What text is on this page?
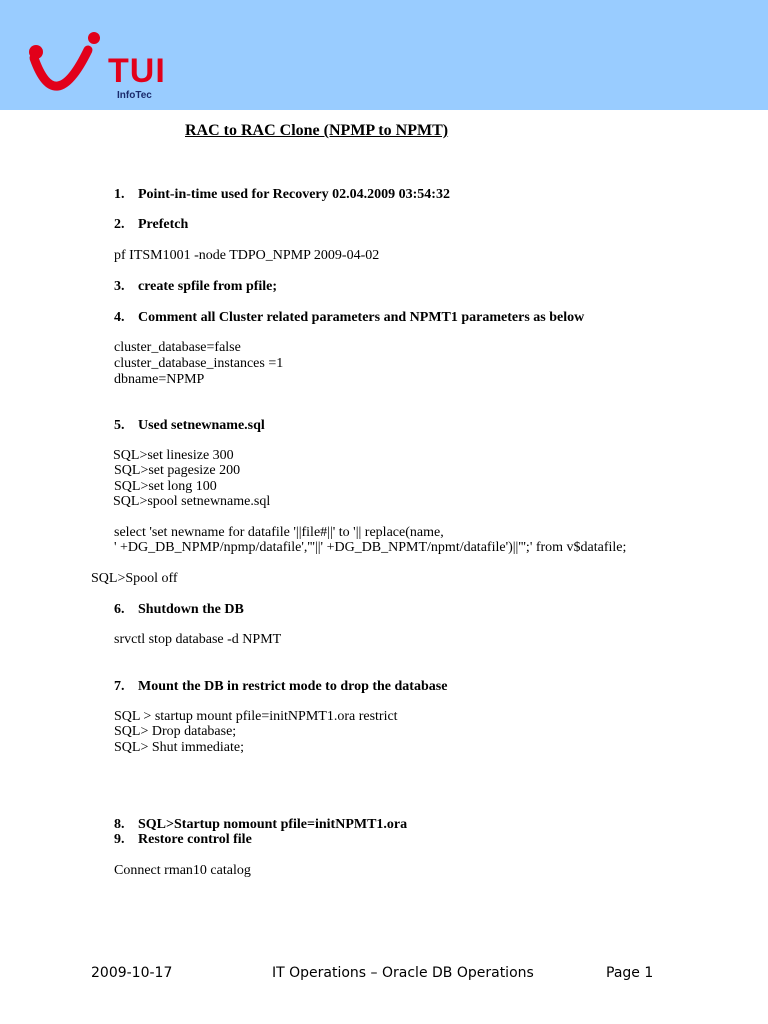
TUI
InfoTec
RAC to RAC Clone (NPMP to NPMT)
1. Point-in-time used for Recovery 02.04.2009 03:54:32
2. Prefetch
pf ITSM1001 -node TDPO_NPMP 2009-04-02
3. create spfile from pfile;
4. Comment all Cluster related parameters and NPMT1 parameters as below
cluster_database=false
cluster_database_instances =1
dbname=NPMP
5. Used setnewname.sql
SQL>set linesize 300
SQL>set pagesize 200
SQL>set long 100
SQL>spool setnewname.sql
select 'set newname for datafile '||file#||' to '|| replace(name,
' +DG_DB_NPMP/npmp/datafile','''||' +DG_DB_NPMT/npmt/datafile')||''';' from v$datafile;
SQL>Spool off
6. Shutdown the DB
srvctl stop database -d NPMT
7. Mount the DB in restrict mode to drop the database
SQL > startup mount pfile=initNPMT1.ora restrict
SQL> Drop database;
SQL> Shut immediate;
8. SQL>Startup nomount pfile=initNPMT1.ora
9. Restore control file
Connect rman10 catalog
2009-10-17	IT Operations – Oracle DB Operations	Page 1
